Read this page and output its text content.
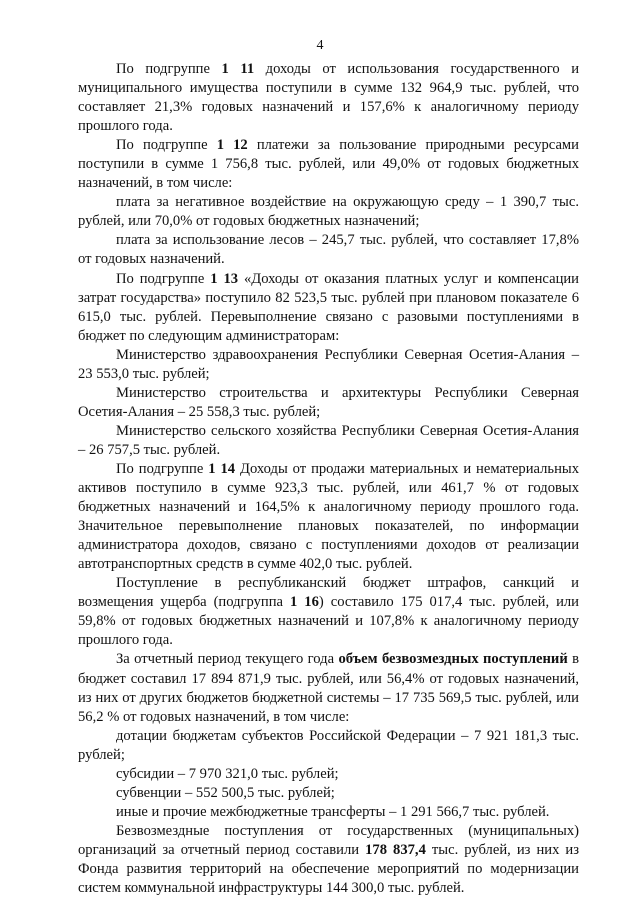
4

По подгруппе 1 11 доходы от использования государственного и муниципального имущества поступили в сумме 132 964,9 тыс. рублей, что составляет 21,3% годовых назначений и 157,6% к аналогичному периоду прошлого года.

По подгруппе 1 12 платежи за пользование природными ресурсами поступили в сумме 1 756,8 тыс. рублей, или 49,0% от годовых бюджетных назначений, в том числе:

плата за негативное воздействие на окружающую среду – 1 390,7 тыс. рублей, или 70,0% от годовых бюджетных назначений;

плата за использование лесов – 245,7 тыс. рублей, что составляет 17,8% от годовых назначений.

По подгруппе 1 13 «Доходы от оказания платных услуг и компенсации затрат государства» поступило 82 523,5 тыс. рублей при плановом показателе 6 615,0 тыс. рублей. Перевыполнение связано с разовыми поступлениями в бюджет по следующим администраторам:

Министерство здравоохранения Республики Северная Осетия-Алания – 23 553,0 тыс. рублей;

Министерство строительства и архитектуры Республики Северная Осетия-Алания – 25 558,3 тыс. рублей;

Министерство сельского хозяйства Республики Северная Осетия-Алания – 26 757,5 тыс. рублей.

По подгруппе 1 14 Доходы от продажи материальных и нематериальных активов поступило в сумме 923,3 тыс. рублей, или 461,7 % от годовых бюджетных назначений и 164,5% к аналогичному периоду прошлого года. Значительное перевыполнение плановых показателей, по информации администратора доходов, связано с поступлениями доходов от реализации автотранспортных средств в сумме 402,0 тыс. рублей.

Поступление в республиканский бюджет штрафов, санкций и возмещения ущерба (подгруппа 1 16) составило 175 017,4 тыс. рублей, или 59,8% от годовых бюджетных назначений и 107,8% к аналогичному периоду прошлого года.

За отчетный период текущего года объем безвозмездных поступлений в бюджет составил 17 894 871,9 тыс. рублей, или 56,4% от годовых назначений, из них от других бюджетов бюджетной системы – 17 735 569,5 тыс. рублей, или 56,2 % от годовых назначений, в том числе:

дотации бюджетам субъектов Российской Федерации – 7 921 181,3 тыс. рублей;

субсидии – 7 970 321,0 тыс. рублей;

субвенции – 552 500,5 тыс. рублей;

иные и прочие межбюджетные трансферты – 1 291 566,7 тыс. рублей.

Безвозмездные поступления от государственных (муниципальных) организаций за отчетный период составили 178 837,4 тыс. рублей, из них из Фонда развития территорий на обеспечение мероприятий по модернизации систем коммунальной инфраструктуры 144 300,0 тыс. рублей.
